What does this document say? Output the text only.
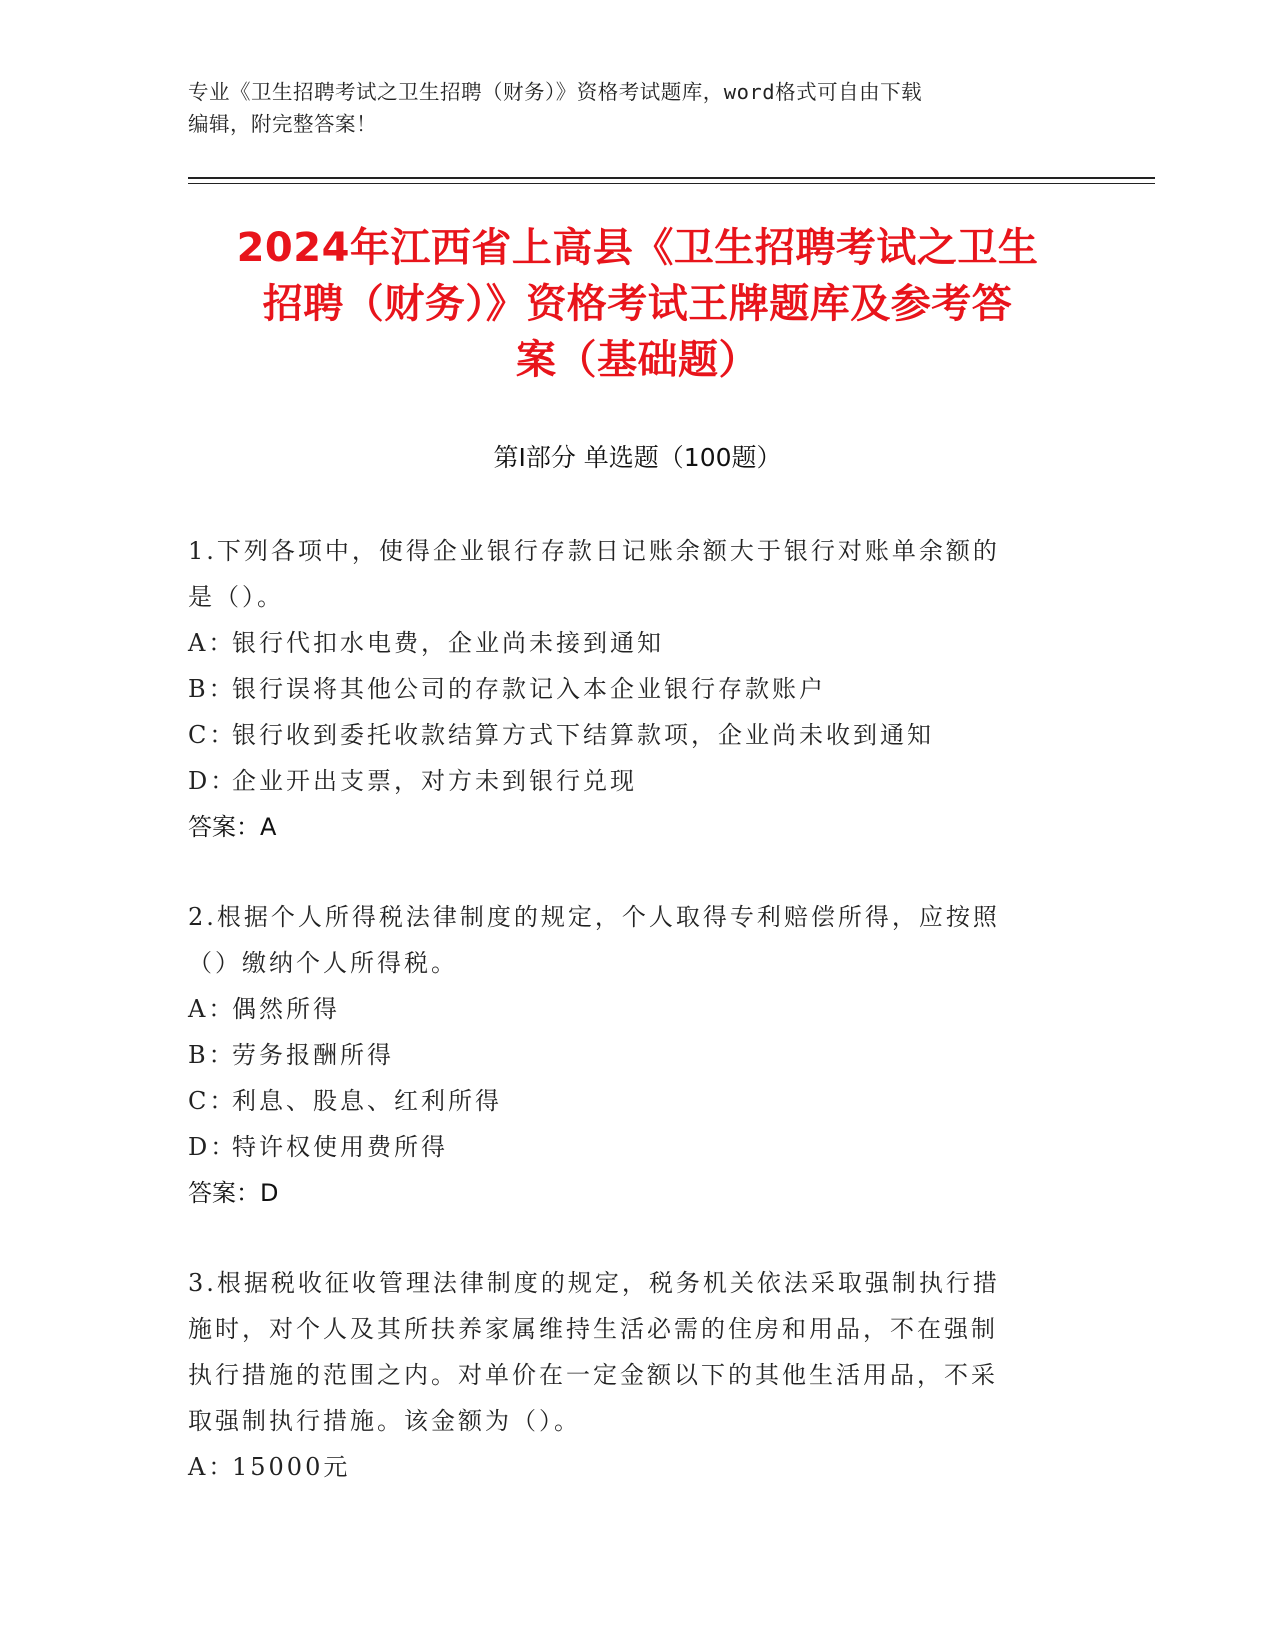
专业《卫生招聘考试之卫生招聘（财务）》资格考试题库，word格式可自由下载
编辑，附完整答案！
2024年江西省上高县《卫生招聘考试之卫生
招聘（财务）》资格考试王牌题库及参考答
案（基础题）
第Ⅰ部分 单选题（100题）

1.下列各项中，使得企业银行存款日记账余额大于银行对账单余额的

是（）。

A：银行代扣水电费，企业尚未接到通知

B：银行误将其他公司的存款记入本企业银行存款账户

C：银行收到委托收款结算方式下结算款项，企业尚未收到通知

D：企业开出支票，对方未到银行兑现

答案：A

2.根据个人所得税法律制度的规定，个人取得专利赔偿所得，应按照

（）缴纳个人所得税。

A：偶然所得

B：劳务报酬所得

C：利息、股息、红利所得

D：特许权使用费所得

答案：D

3.根据税收征收管理法律制度的规定，税务机关依法采取强制执行措

施时，对个人及其所扶养家属维持生活必需的住房和用品，不在强制

执行措施的范围之内。对单价在一定金额以下的其他生活用品，不采

取强制执行措施。该金额为（）。

A：15000元
